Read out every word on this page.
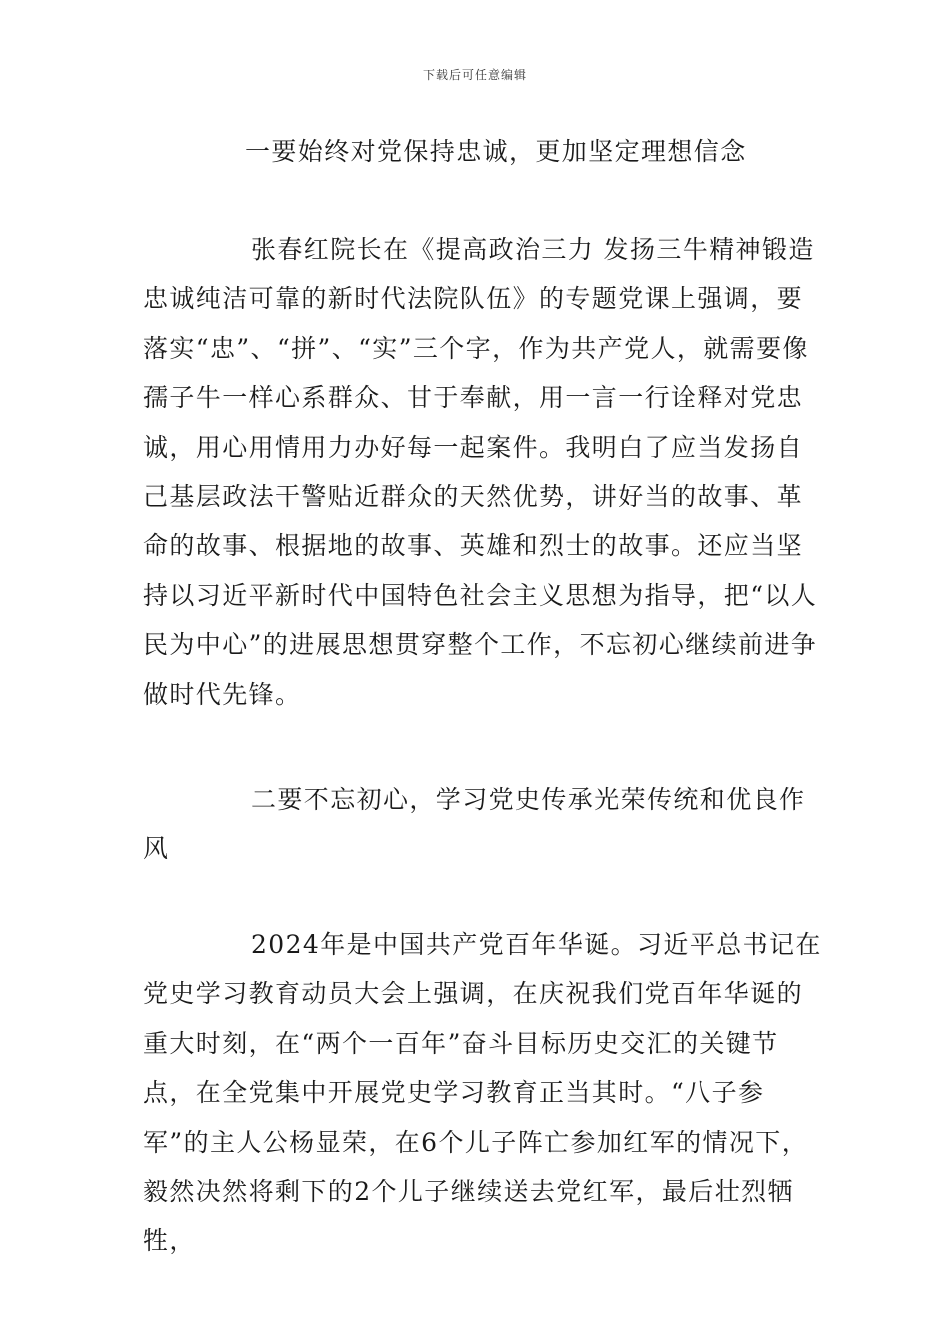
下载后可任意编辑
一要始终对党保持忠诚，更加坚定理想信念
张春红院长在《提高政治三力 发扬三牛精神锻造忠诚纯洁可靠的新时代法院队伍》的专题党课上强调，要落实“忠”、“拼”、“实”三个字，作为共产党人，就需要像孺子牛一样心系群众、甘于奉献，用一言一行诠释对党忠诚，用心用情用力办好每一起案件。我明白了应当发扬自己基层政法干警贴近群众的天然优势，讲好当的故事、革命的故事、根据地的故事、英雄和烈士的故事。还应当坚持以习近平新时代中国特色社会主义思想为指导，把“以人民为中心”的进展思想贯穿整个工作，不忘初心继续前进争做时代先锋。
二要不忘初心，学习党史传承光荣传统和优良作风
2024年是中国共产党百年华诞。习近平总书记在党史学习教育动员大会上强调，在庆祝我们党百年华诞的重大时刻，在“两个一百年”奋斗目标历史交汇的关键节点，在全党集中开展党史学习教育正当其时。“八子参军”的主人公杨显荣，在6个儿子阵亡参加红军的情况下，毅然决然将剩下的2个儿子继续送去党红军，最后壮烈牺牲，
